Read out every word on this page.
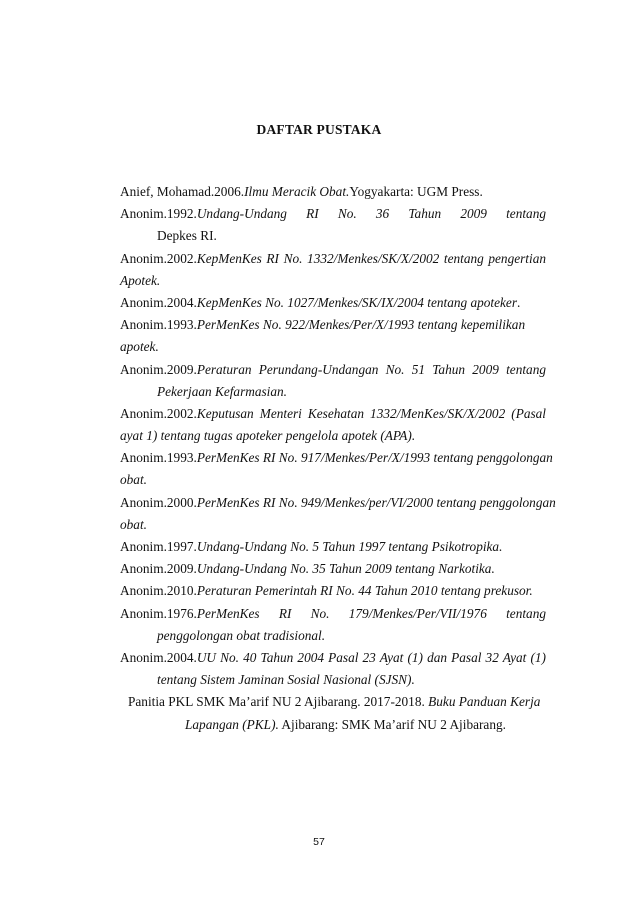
DAFTAR PUSTAKA

Anief, Mohamad.2006.Ilmu Meracik Obat.Yogyakarta: UGM Press.

Anonim.1992.Undang-Undang RI No. 36 Tahun 2009 tentang
Depkes RI.

Anonim.2002.KepMenKes RI No. 1332/Menkes/SK/X/2002 tentang pengertian
Apotek.

Anonim.2004.KepMenKes No. 1027/Menkes/SK/IX/2004 tentang apoteker.

Anonim.1993.PerMenKes No. 922/Menkes/Per/X/1993 tentang kepemilikan
apotek.

Anonim.2009.Peraturan Perundang-Undangan No. 51 Tahun 2009 tentang
Pekerjaan Kefarmasian.

Anonim.2002.Keputusan Menteri Kesehatan 1332/MenKes/SK/X/2002 (Pasal
ayat 1) tentang tugas apoteker pengelola apotek (APA).

Anonim.1993.PerMenKes RI No. 917/Menkes/Per/X/1993 tentang penggolongan
obat.

Anonim.2000.PerMenKes RI No. 949/Menkes/per/VI/2000 tentang penggolongan
obat.

Anonim.1997.Undang-Undang No. 5 Tahun 1997 tentang Psikotropika.

Anonim.2009.Undang-Undang No. 35 Tahun 2009 tentang Narkotika.

Anonim.2010.Peraturan Pemerintah RI No. 44 Tahun 2010 tentang prekusor.

Anonim.1976.PerMenKes RI No. 179/Menkes/Per/VII/1976 tentang
penggolongan obat tradisional.

Anonim.2004.UU No. 40 Tahun 2004 Pasal 23 Ayat (1) dan Pasal 32 Ayat (1)
tentang Sistem Jaminan Sosial Nasional (SJSN).

Panitia PKL SMK Ma’arif NU 2 Ajibarang. 2017-2018. Buku Panduan Kerja
Lapangan (PKL). Ajibarang: SMK Ma’arif NU 2 Ajibarang.

57
